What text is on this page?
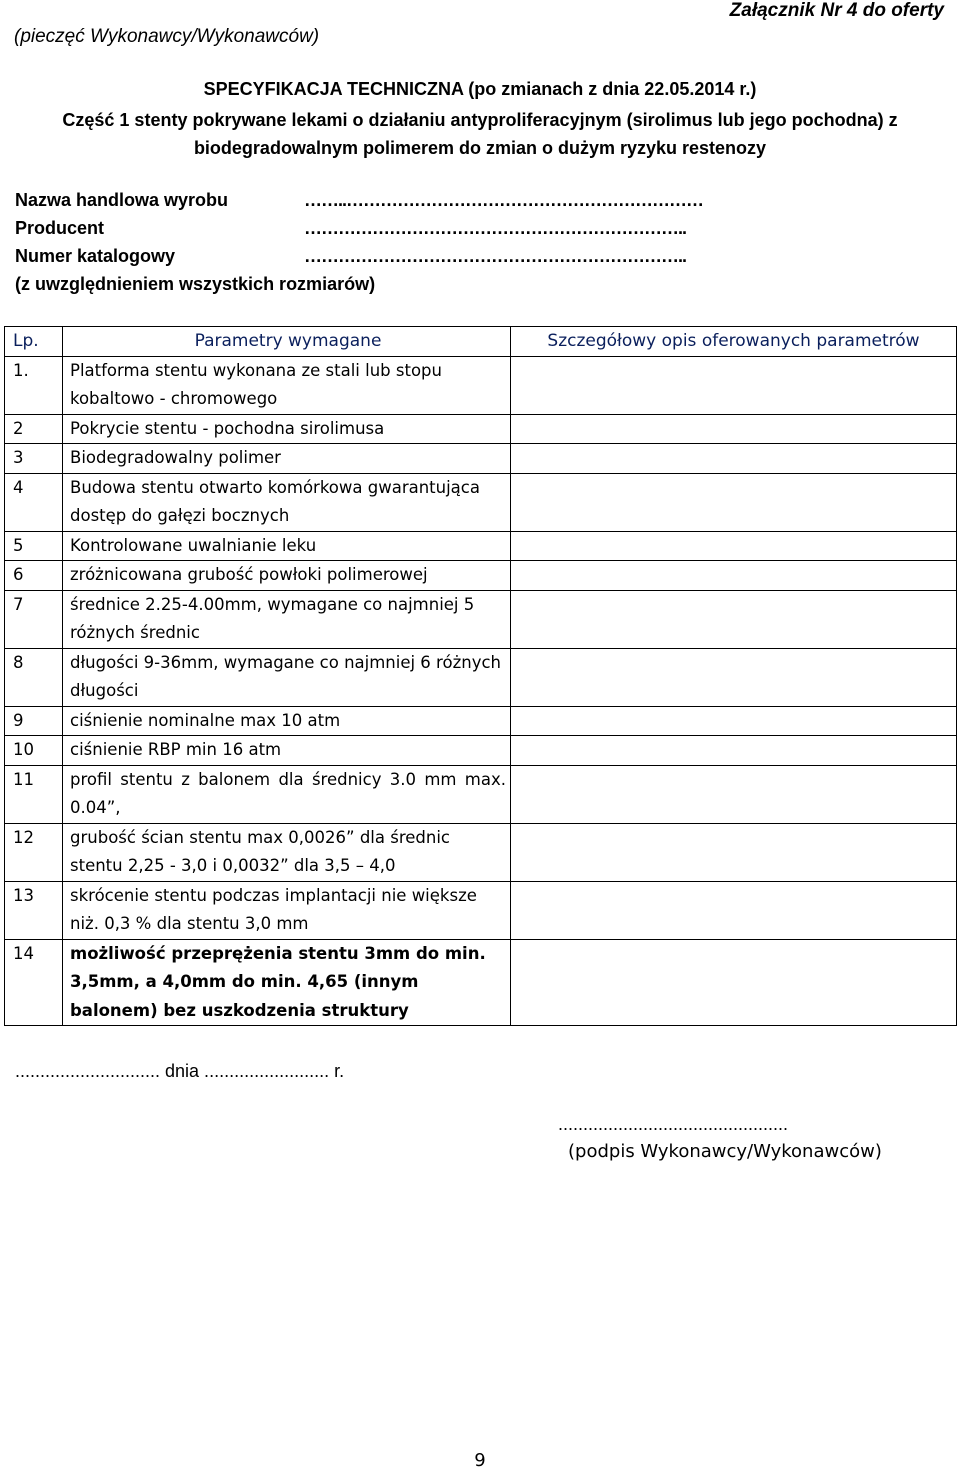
(pieczęć Wykonawcy/Wykonawców)
Załącznik Nr 4 do oferty
SPECYFIKACJA TECHNICZNA (po zmianach z dnia 22.05.2014 r.)
Część 1 stenty pokrywane lekami o działaniu antyproliferacyjnym (sirolimus lub jego pochodna) z biodegradowalnym polimerem do zmian o dużym ryzyku restenozy
Nazwa handlowa wyrobu	……..………………………………………………………
Producent	…………………………………………………………..
Numer katalogowy	…………………………………………………………..
(z uwzględnieniem wszystkich rozmiarów)
Lp.	Parametry wymagane	Szczegółowy opis oferowanych parametrów
1.	Platforma stentu wykonana ze stali lub stopu kobaltowo - chromowego	
2	Pokrycie stentu - pochodna sirolimusa	
3	Biodegradowalny polimer	
4	Budowa stentu otwarto komórkowa gwarantująca dostęp do gałęzi bocznych	
5	Kontrolowane uwalnianie leku	
6	zróżnicowana grubość powłoki polimerowej	
7	średnice 2.25-4.00mm, wymagane co najmniej 5 różnych średnic	
8	długości 9-36mm, wymagane co najmniej 6 różnych długości	
9	ciśnienie nominalne max 10 atm	
10	ciśnienie RBP min 16 atm	
11	profil stentu z balonem dla średnicy 3.0 mm max. 0.04”,	
12	grubość ścian stentu max 0,0026” dla średnic stentu 2,25 - 3,0 i 0,0032” dla 3,5 – 4,0	
13	skrócenie stentu podczas implantacji nie większe niż. 0,3 % dla stentu 3,0 mm	
14	możliwość przeprężenia stentu 3mm do min. 3,5mm, a 4,0mm do min. 4,65 (innym balonem) bez uszkodzenia struktury	
............................. dnia ......................... r.
..............................................
(podpis Wykonawcy/Wykonawców)
9
